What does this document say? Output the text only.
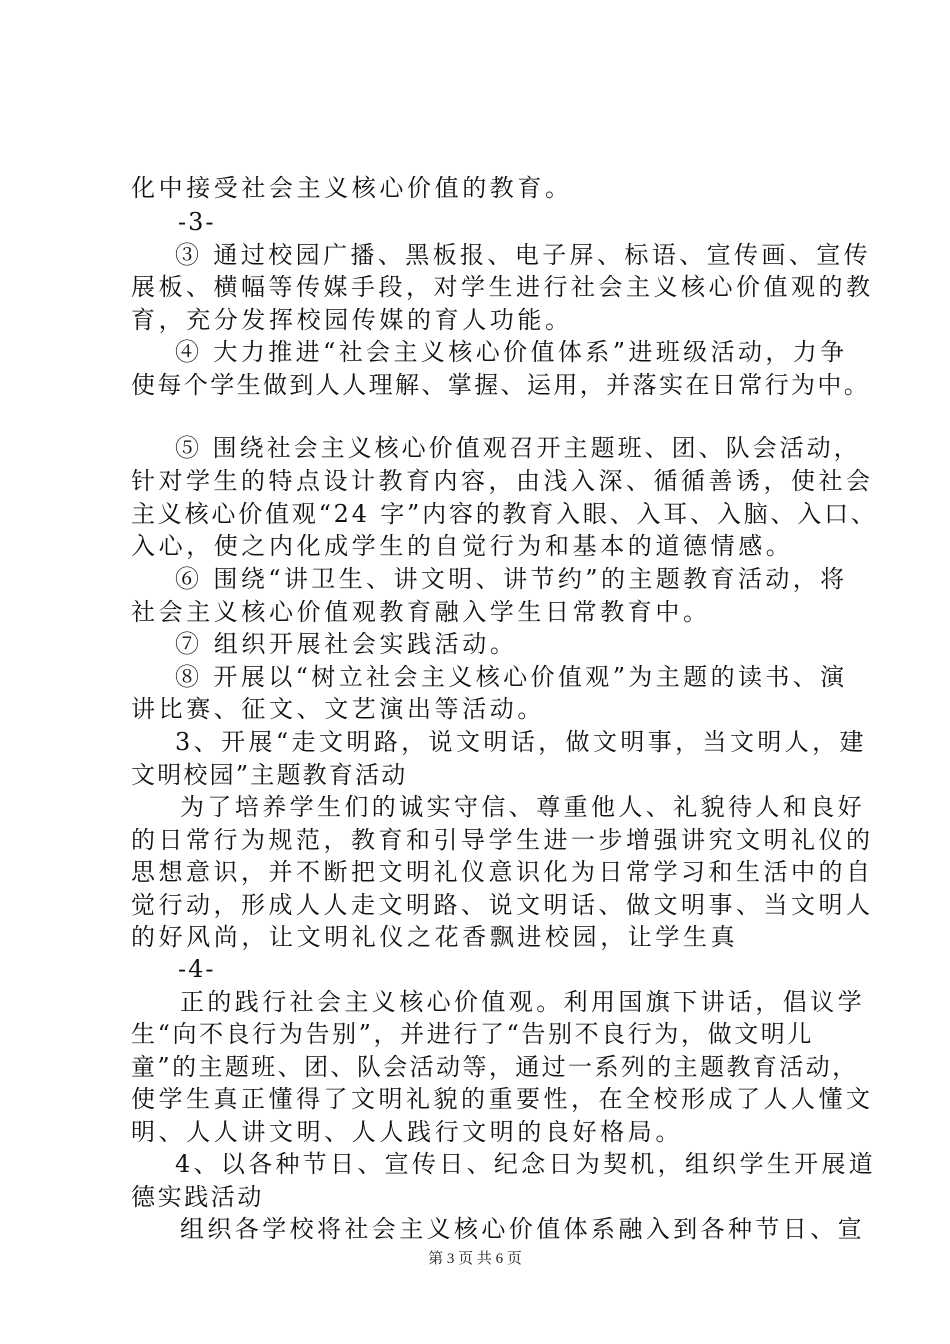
化中接受社会主义核心价值的教育。
-3-
③ 通过校园广播、黑板报、电子屏、标语、宣传画、宣传
展板、横幅等传媒手段，对学生进行社会主义核心价值观的教
育，充分发挥校园传媒的育人功能。
④ 大力推进“社会主义核心价值体系”进班级活动，力争
使每个学生做到人人理解、掌握、运用，并落实在日常行为中。
⑤ 围绕社会主义核心价值观召开主题班、团、队会活动，
针对学生的特点设计教育内容，由浅入深、循循善诱，使社会
主义核心价值观“24 字”内容的教育入眼、入耳、入脑、入口、
入心，使之内化成学生的自觉行为和基本的道德情感。
⑥ 围绕“讲卫生、讲文明、讲节约”的主题教育活动，将
社会主义核心价值观教育融入学生日常教育中。
⑦ 组织开展社会实践活动。
⑧ 开展以“树立社会主义核心价值观”为主题的读书、演
讲比赛、征文、文艺演出等活动。
3、开展“走文明路，说文明话，做文明事，当文明人，建
文明校园”主题教育活动
为了培养学生们的诚实守信、尊重他人、礼貌待人和良好
的日常行为规范，教育和引导学生进一步增强讲究文明礼仪的
思想意识，并不断把文明礼仪意识化为日常学习和生活中的自
觉行动，形成人人走文明路、说文明话、做文明事、当文明人
的好风尚，让文明礼仪之花香飘进校园，让学生真
-4-
正的践行社会主义核心价值观。利用国旗下讲话，倡议学
生“向不良行为告别”，并进行了“告别不良行为，做文明儿
童”的主题班、团、队会活动等，通过一系列的主题教育活动，
使学生真正懂得了文明礼貌的重要性，在全校形成了人人懂文
明、人人讲文明、人人践行文明的良好格局。
4、以各种节日、宣传日、纪念日为契机，组织学生开展道
德实践活动
组织各学校将社会主义核心价值体系融入到各种节日、宣
第 3 页 共 6 页
